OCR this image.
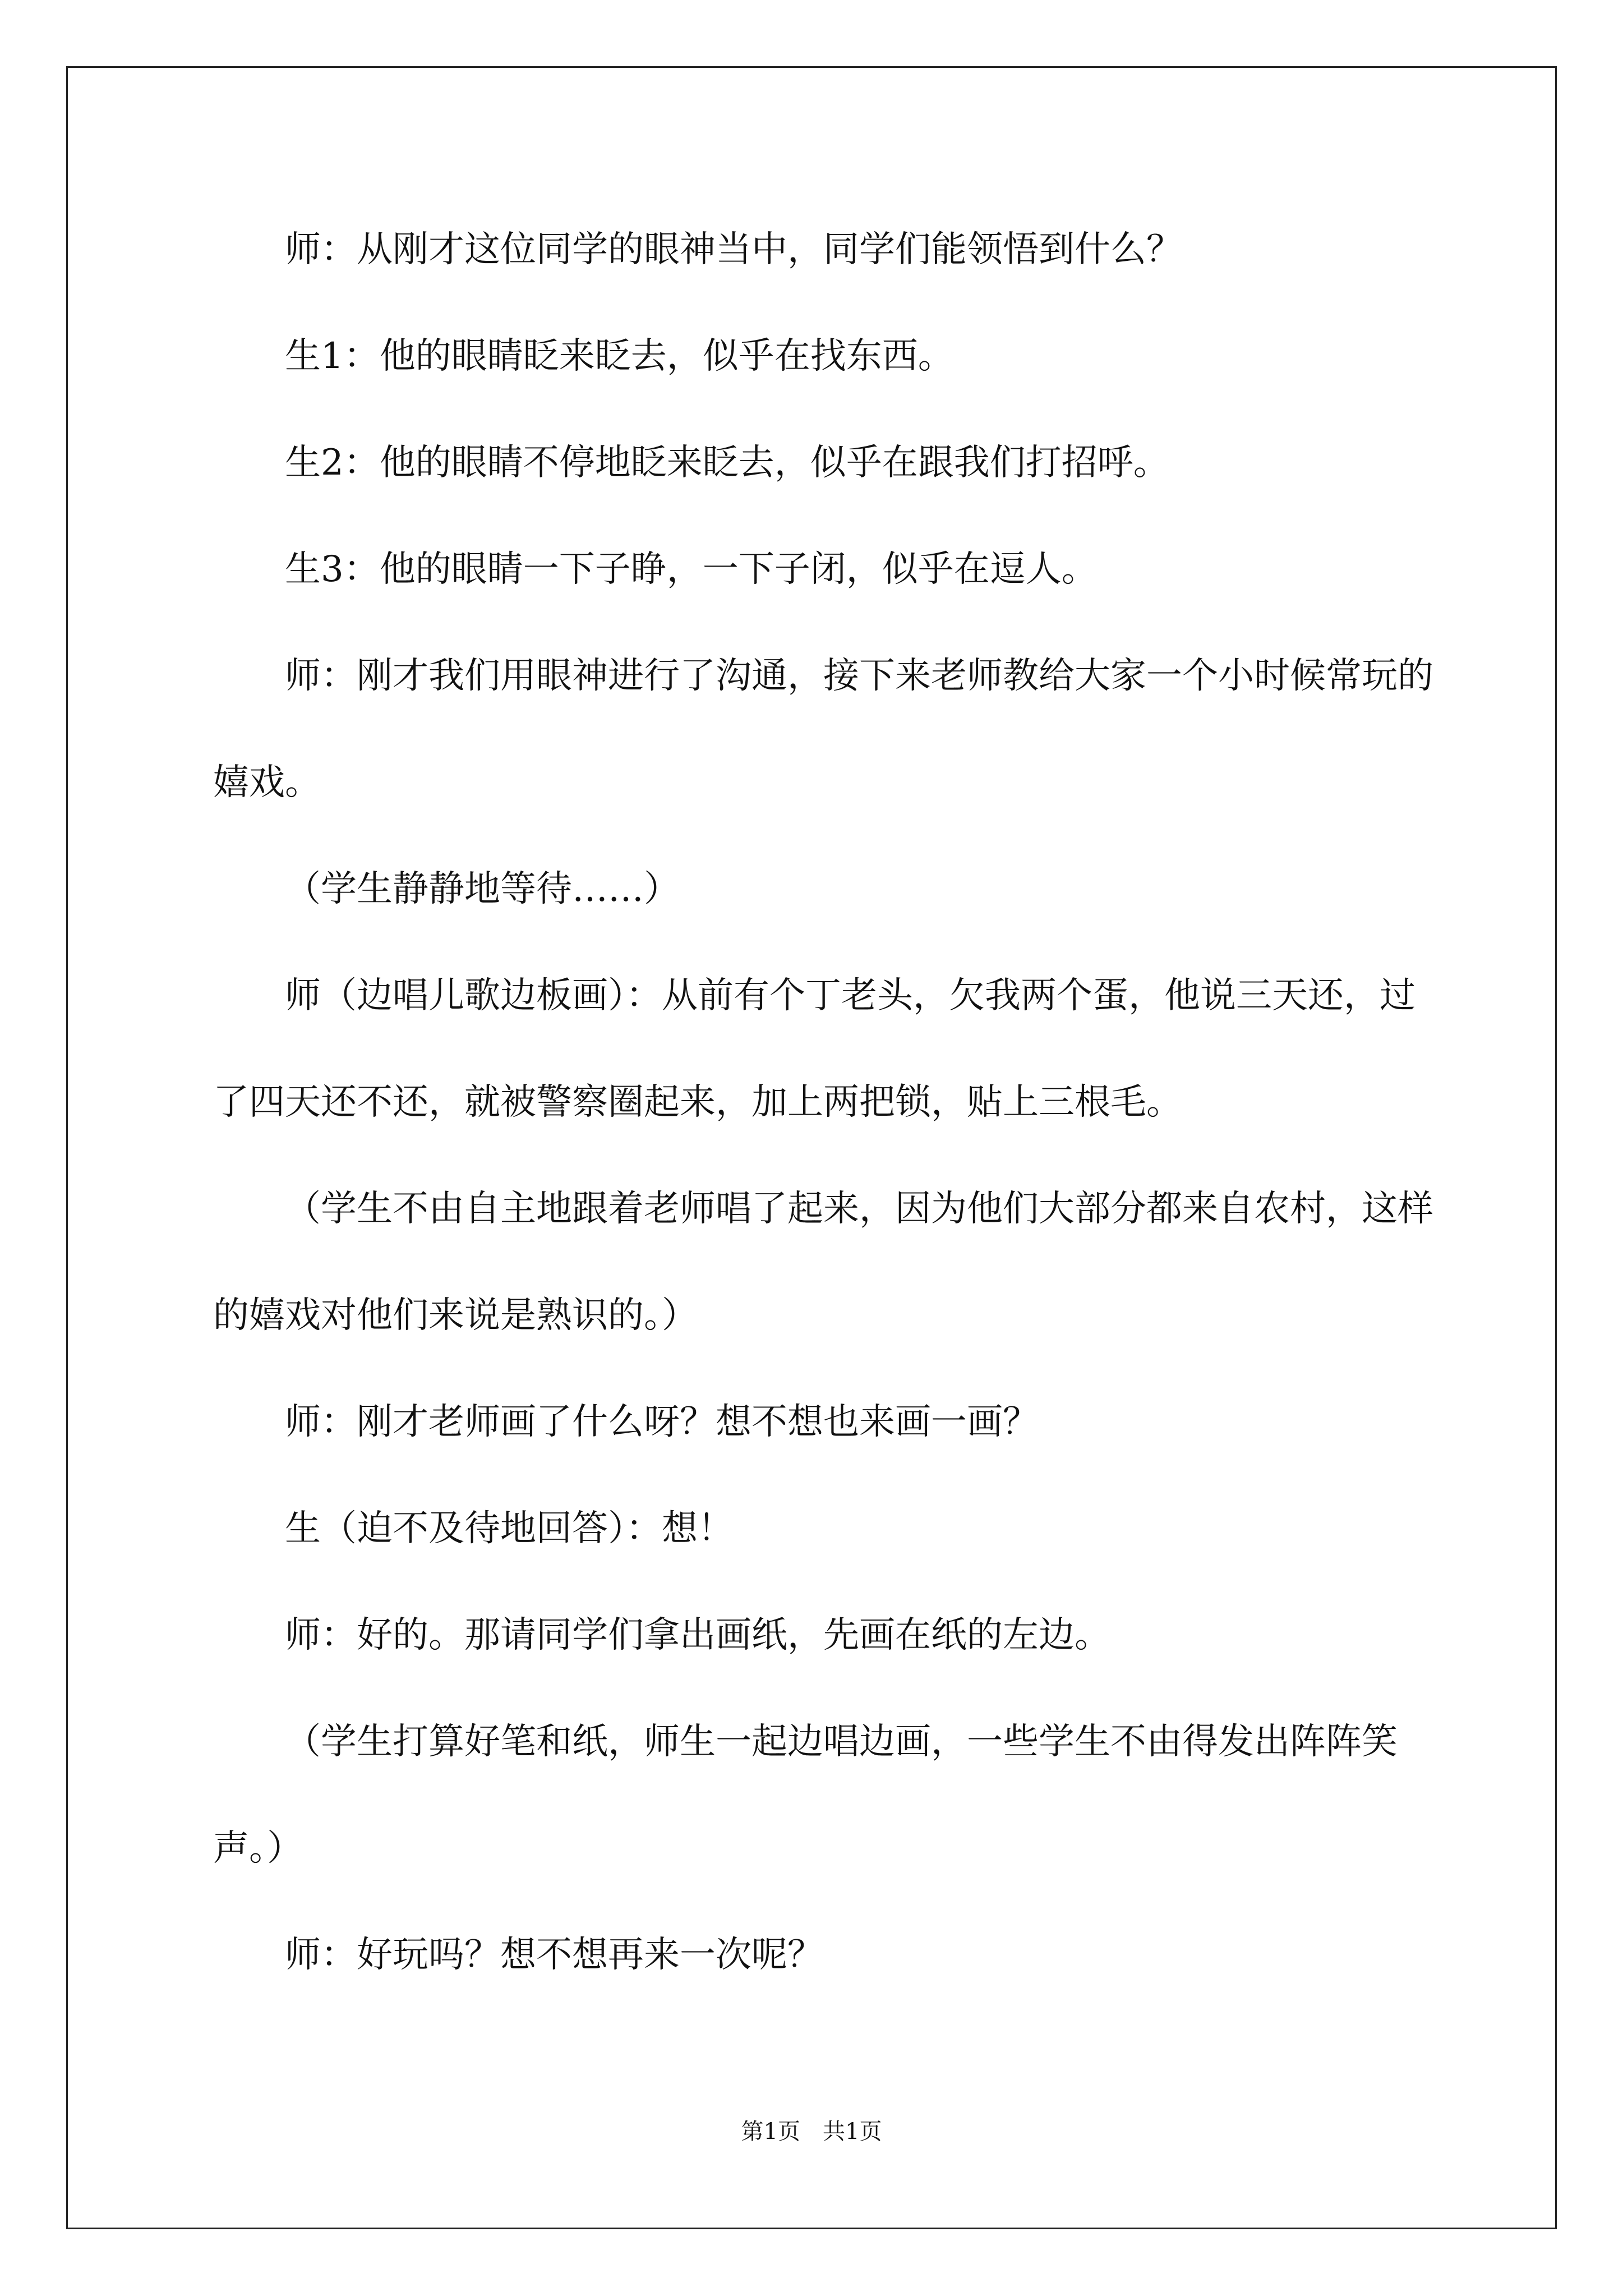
师：从刚才这位同学的眼神当中，同学们能领悟到什么？

生1：他的眼睛眨来眨去，似乎在找东西。

生2：他的眼睛不停地眨来眨去，似乎在跟我们打招呼。

生3：他的眼睛一下子睁，一下子闭，似乎在逗人。

师：刚才我们用眼神进行了沟通，接下来老师教给大家一个小时候常玩的嬉戏。

（学生静静地等待……）

师（边唱儿歌边板画）：从前有个丁老头，欠我两个蛋，他说三天还，过了四天还不还，就被警察圈起来，加上两把锁，贴上三根毛。

（学生不由自主地跟着老师唱了起来，因为他们大部分都来自农村，这样的嬉戏对他们来说是熟识的。）

师：刚才老师画了什么呀？想不想也来画一画？

生（迫不及待地回答）：想！

师：好的。那请同学们拿出画纸，先画在纸的左边。

（学生打算好笔和纸，师生一起边唱边画，一些学生不由得发出阵阵笑声。）

师：好玩吗？想不想再来一次呢？

第1页 共1页
